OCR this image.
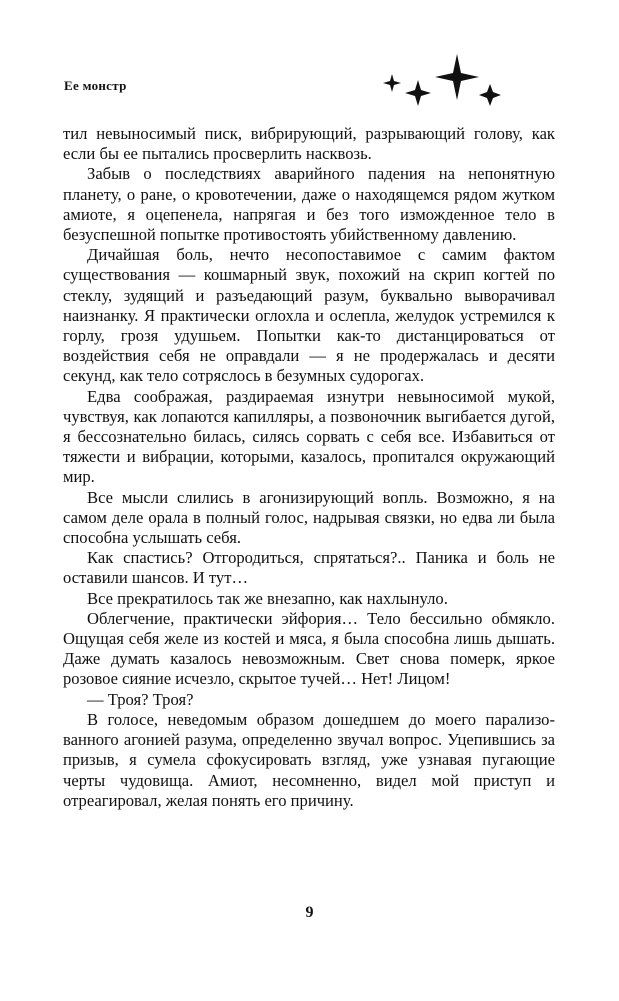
Ее монстр

тил невыносимый писк, вибрирующий, разрывающий голову, как если бы ее пытались просверлить насквозь.

Забыв о последствиях аварийного падения на непонятную планету, о ране, о кровотечении, даже о находящемся рядом жутком амиоте, я оцепенела, напрягая и без того изможденное тело в безуспешной попытке противостоять убийственному давлению.

Дичайшая боль, нечто несопоставимое с самим фактом существования — кошмарный звук, похожий на скрип когтей по стеклу, зудящий и разъедающий разум, буквально выворачивал наизнанку. Я практически оглохла и ослепла, желудок устремился к горлу, грозя удушьем. Попытки как-то дистанцироваться от воздействия себя не оправдали — я не продержалась и десяти секунд, как тело сотряслось в безумных судорогах.

Едва соображая, раздираемая изнутри невыносимой мукой, чувствуя, как лопаются капилляры, а позвоночник выгибается дугой, я бессознательно билась, силясь сорвать с себя все. Избавиться от тяжести и вибрации, которыми, казалось, пропитался окружающий мир.

Все мысли слились в агонизирующий вопль. Возможно, я на самом деле орала в полный голос, надрывая связки, но едва ли была способна услышать себя.

Как спастись? Отгородиться, спрятаться?.. Паника и боль не оставили шансов. И тут…

Все прекратилось так же внезапно, как нахлынуло.

Облегчение, практически эйфория… Тело бессильно обмякло. Ощущая себя желе из костей и мяса, я была способна лишь дышать. Даже думать казалось невозможным. Свет снова померк, яркое розовое сияние исчезло, скрытое тучей… Нет! Лицом!

— Троя? Троя?

В голосе, неведомым образом дошедшем до моего парализованного агонией разума, определенно звучал вопрос. Уцепившись за призыв, я сумела сфокусировать взгляд, уже узнавая пугающие черты чудовища. Амиот, несомненно, видел мой приступ и отреагировал, желая понять его причину.

9
